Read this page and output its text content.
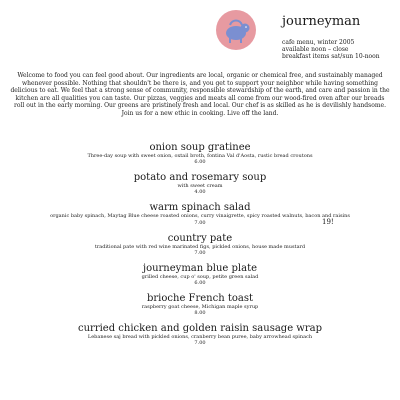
journeyman
cafe menu, winter 2005
available noon – close
breakfast items sat/sun 10-noon
Welcome to food you can feel good about. Our ingredients are local, organic or chemical free, and sustainably managed whenever possible. Nothing that shouldn't be there is, and you get to support your neighbor while having something delicious to eat. We feel that a strong sense of community, responsible stewardship of the earth, and care and passion in the kitchen are all qualities you can taste. Our pizzas, veggies and meats all come from our wood-fired oven after our breads roll out in the early morning. Our greens are pristinely fresh and local. Our chef is as skilled as he is devilishly handsome. Join us for a new ethic in cooking. Live off the land.
onion soup gratinee
Three-day soup with sweet onion, oxtail broth, fontina Val d'Aosta, rustic bread croutons
6.00
potato and rosemary soup
with sweet cream
4.00
warm spinach salad
organic baby spinach, Maytag Blue cheese roasted onions, curry vinaigrette, spicy roasted walnuts, bacon and raisins
7.00
country pate
traditional pate with red wine marinated figs, pickled onions, house made mustard
7.00
journeyman blue plate
grilled cheese, cup o' soup, petite green salad
6.00
brioche French toast
raspberry goat cheese, Michigan maple syrup
8.00
curried chicken and golden raisin sausage wrap
Lebanese saj bread with pickled onions, cranberry bean puree, baby arrowhead spinach
7.00
19!
